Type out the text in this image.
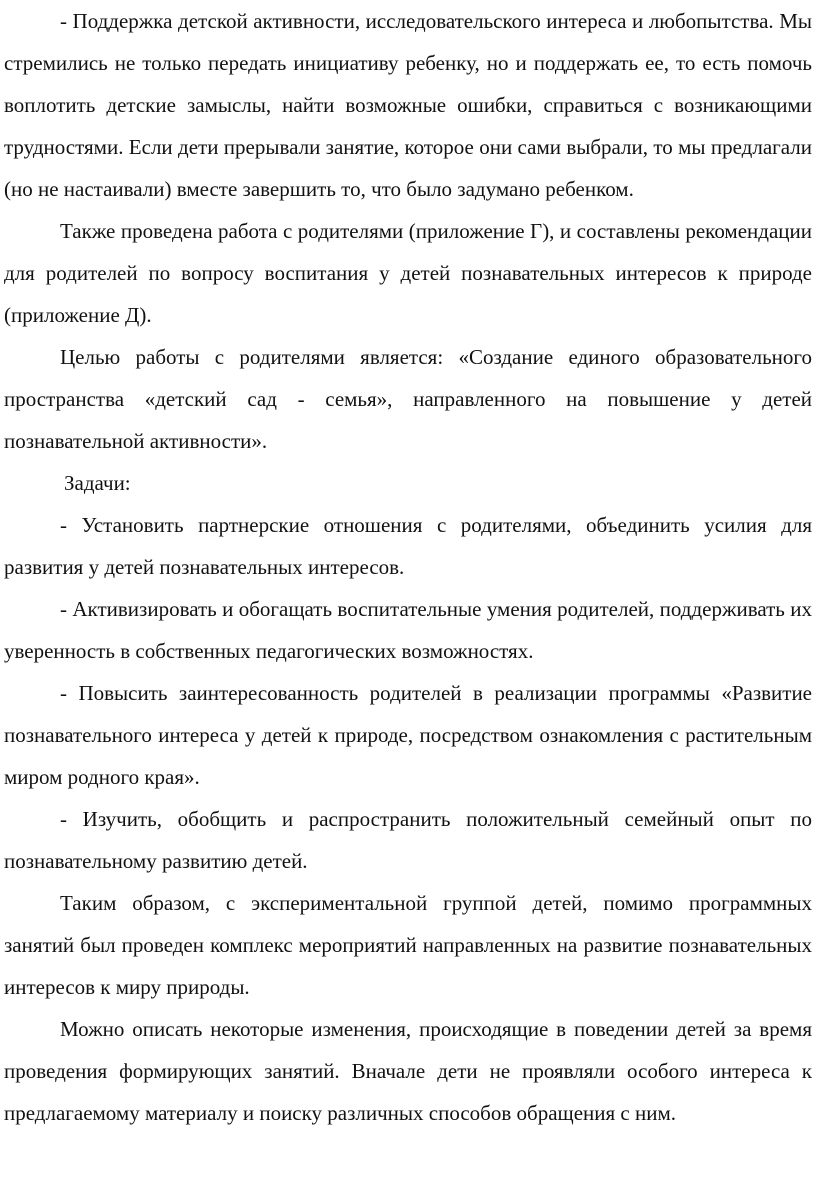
- Поддержка детской активности, исследовательского интереса и любопытства. Мы стремились не только передать инициативу ребенку, но и поддержать ее, то есть помочь воплотить детские замыслы, найти возможные ошибки, справиться с возникающими трудностями. Если дети прерывали занятие, которое они сами выбрали, то мы предлагали (но не настаивали) вместе завершить то, что было задумано ребенком.

Также проведена работа с родителями (приложение Г), и составлены рекомендации для родителей по вопросу воспитания у детей познавательных интересов к природе (приложение Д).

Целью работы с родителями является: «Создание единого образовательного пространства «детский сад - семья», направленного на повышение у детей познавательной активности».

Задачи:

- Установить партнерские отношения с родителями, объединить усилия для развития у детей познавательных интересов.

- Активизировать и обогащать воспитательные умения родителей, поддерживать их уверенность в собственных педагогических возможностях.

- Повысить заинтересованность родителей в реализации программы «Развитие познавательного интереса у детей к природе, посредством ознакомления с растительным миром родного края».

- Изучить, обобщить и распространить положительный семейный опыт по познавательному развитию детей.

Таким образом, с экспериментальной группой детей, помимо программных занятий был проведен комплекс мероприятий направленных на развитие познавательных интересов к миру природы.

Можно описать некоторые изменения, происходящие в поведении детей за время проведения формирующих занятий. Вначале дети не проявляли особого интереса к предлагаемому материалу и поиску различных способов обращения с ним.
